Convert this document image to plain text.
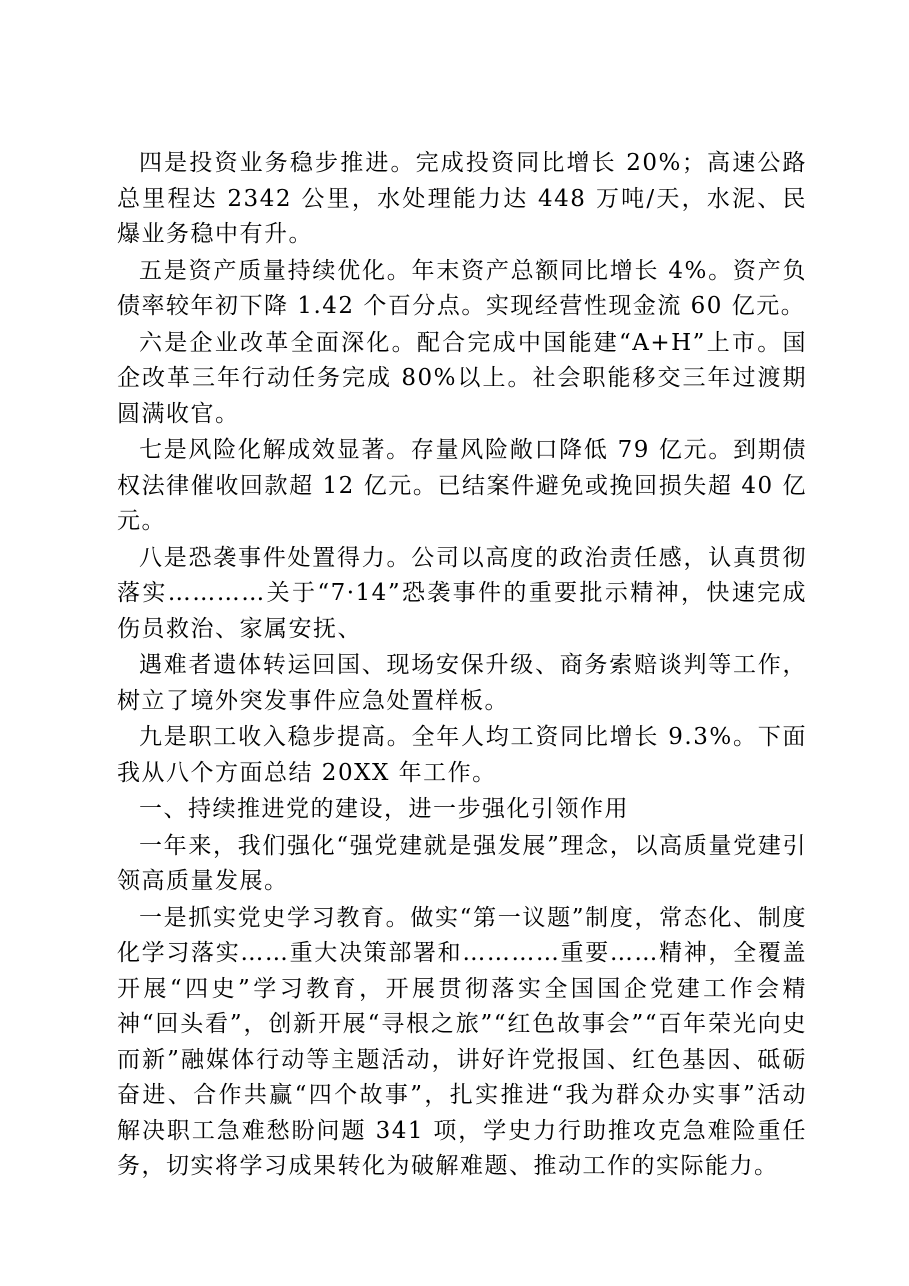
四是投资业务稳步推进。完成投资同比增长 20%；高速公路总里程达 2342 公里，水处理能力达 448 万吨/天，水泥、民爆业务稳中有升。

五是资产质量持续优化。年末资产总额同比增长 4%。资产负债率较年初下降 1.42 个百分点。实现经营性现金流 60 亿元。

六是企业改革全面深化。配合完成中国能建“A+H”上市。国企改革三年行动任务完成 80%以上。社会职能移交三年过渡期圆满收官。

七是风险化解成效显著。存量风险敞口降低 79 亿元。到期债权法律催收回款超 12 亿元。已结案件避免或挽回损失超 40 亿元。

八是恐袭事件处置得力。公司以高度的政治责任感，认真贯彻落实…………关于“7·14”恐袭事件的重要批示精神，快速完成伤员救治、家属安抚、

遇难者遗体转运回国、现场安保升级、商务索赔谈判等工作，树立了境外突发事件应急处置样板。

九是职工收入稳步提高。全年人均工资同比增长 9.3%。下面我从八个方面总结 20XX 年工作。

一、持续推进党的建设，进一步强化引领作用

一年来，我们强化“强党建就是强发展”理念，以高质量党建引领高质量发展。

一是抓实党史学习教育。做实“第一议题”制度，常态化、制度化学习落实……重大决策部署和…………重要……精神，全覆盖开展“四史”学习教育，开展贯彻落实全国国企党建工作会精神“回头看”，创新开展“寻根之旅”“红色故事会”“百年荣光向史而新”融媒体行动等主题活动，讲好许党报国、红色基因、砥砺奋进、合作共赢“四个故事”，扎实推进“我为群众办实事”活动解决职工急难愁盼问题 341 项，学史力行助推攻克急难险重任务，切实将学习成果转化为破解难题、推动工作的实际能力。
